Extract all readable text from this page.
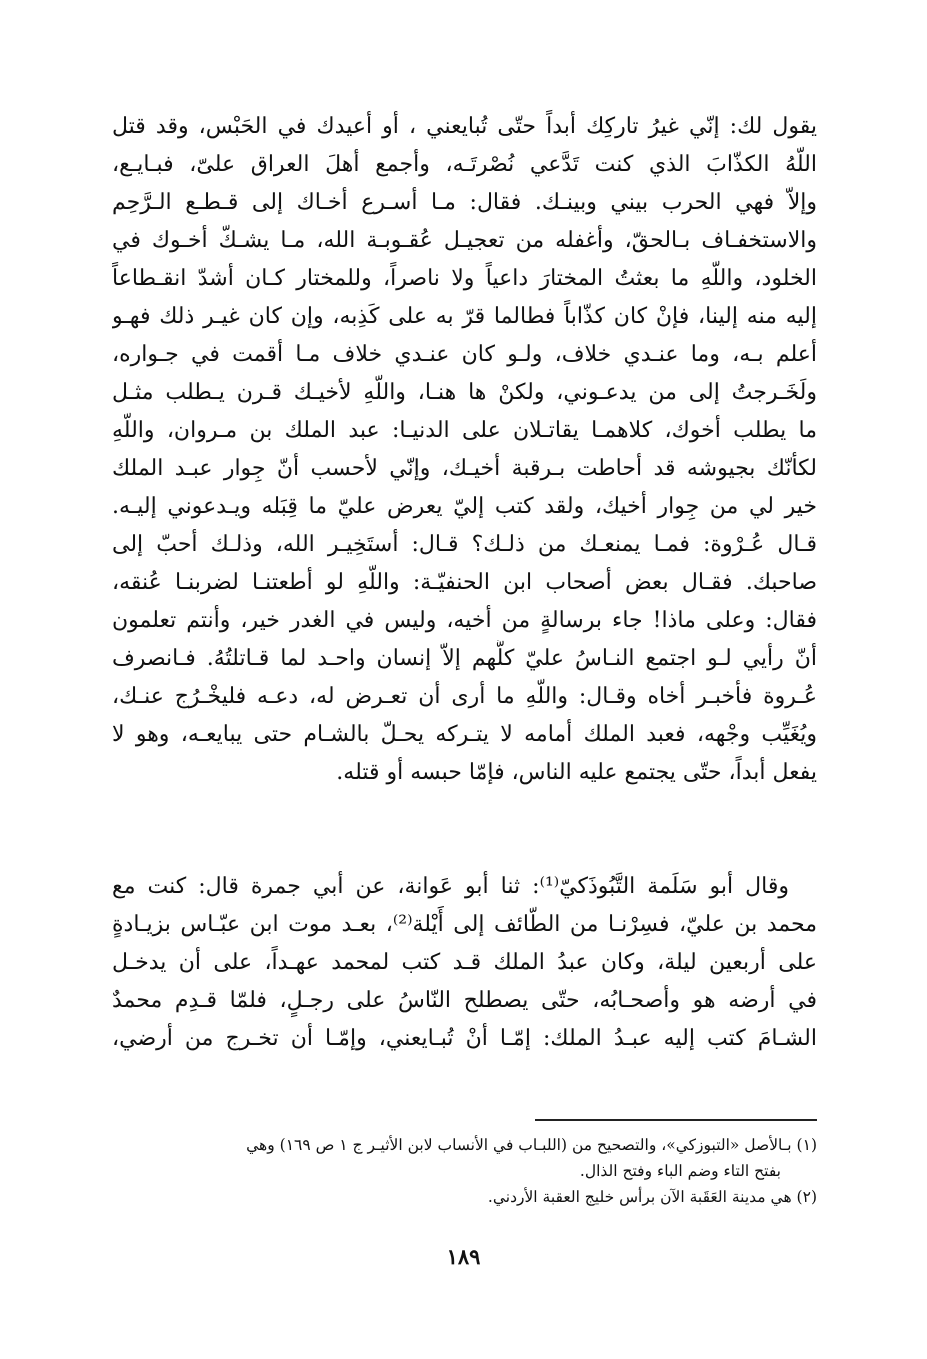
يقول لك: إنّي غيرُ تاركِك أبداً حتّى تُبايعني ، أو أعيدك في الحَبْس، وقد قتل
اللّهُ الكذّابَ الذي كنت تَدَّعي نُصْرتَـه، وأجمع أهلَ العراق علىّ، فبـايـع،
وإلاّ فهي الحرب بيني وبينـك. فقال: مـا أسـرع أخـاك إلى قـطـع الـرَّحِم
والاستخفـاف بـالحقّ، وأغفله من تعجيـل عُقـوبـة الله، مـا يشـكّ أخـوك في
الخلود، واللّهِ ما بعثتُ المختارَ داعياً ولا ناصراً، وللمختار كـان أشدّ انقـطاعاً
إليه منه إلينا، فإنْ كان كذّاباً فطالما قرّ به على كَذِبه، وإن كان غيـر ذلك فهـو
أعلم بـه، وما عنـدي خلاف، ولـو كان عنـدي خلاف مـا أقمت في جـواره،
ولَخَـرجتُ إلى من يدعـوني، ولكنْ ها هنـا، واللّهِ لأخيـك قـرن يـطلب مثـل
ما يطلب أخوك، كلاهمـا يقاتـلان على الدنيـا: عبد الملك بن مـروان، واللّهِ
لكأنّك بجيوشه قد أحاطت بـرقبة أخيـك، وإنّي لأحسب أنّ جِوار عبـد الملك
خير لي من جِوار أخيك، ولقد كتب إليّ يعرض عليّ ما قِبَله ويـدعوني إليـه.
قـال عُـرْوة: فمـا يمنعـك من ذلـك؟ قـال: أستَخِيـر الله، وذلـك أحبّ إلى
صاحبك. فقـال بعض أصحاب ابن الحنفيّـة: واللّهِ لو أطعتنـا لضربنـا عُنقه،
فقال: وعلى ماذا! جاء برسالةٍ من أخيه، وليس في الغدر خير، وأنتم تعلمون
أنّ رأيي لـو اجتمع النـاسُ عليّ كلُّهم إلاّ إنسان واحـد لما قـاتلتُهُ. فـانصرف
عُـروة فأخبـر أخاه وقـال: واللّهِ ما أرى أن تعـرض له، دعـه فليخْـرُج عنـك،
ويُغَيِّب وجْهه، فعبد الملك أمامه لا يتـركه يحـلّ بالشـام حتى يبايعـه، وهو لا
يفعل أبداً، حتّى يجتمع عليه الناس، فإمّا حبسه أو قتله.

وقال أبو سَلَمة التَّبُوذَكيّ⁽¹⁾: ثنا أبو عَوانة، عن أبي جمرة قال: كنت مع
محمد بن عليّ، فسِرْنـا من الطّائف إلى أَيْلة⁽²⁾، بعـد موت ابن عبّـاس بزيـادةٍ
على أربعين ليلة، وكان عبدُ الملك قـد كتب لمحمد عهـداً، على أن يدخـل
في أرضه هو وأصحـابُه، حتّى يصطلح النّاسُ على رجـلٍ، فلمّا قـدِم محمدٌ
الشـامَ كتب إليه عبـدُ الملك: إمّـا أنْ تُبـايعني، وإمّـا أن تخـرج من أرضي،

(١) بـالأصل «التبوزكي»، والتصحيح من (اللبـاب في الأنساب لابن الأثيـر ج ١ ص ١٦٩) وهي

بفتح التاء وضم الباء وفتح الذال.

(٢) هي مدينة العَقَبة الآن برأس خليج العقبة الأردني.

١٨٩
